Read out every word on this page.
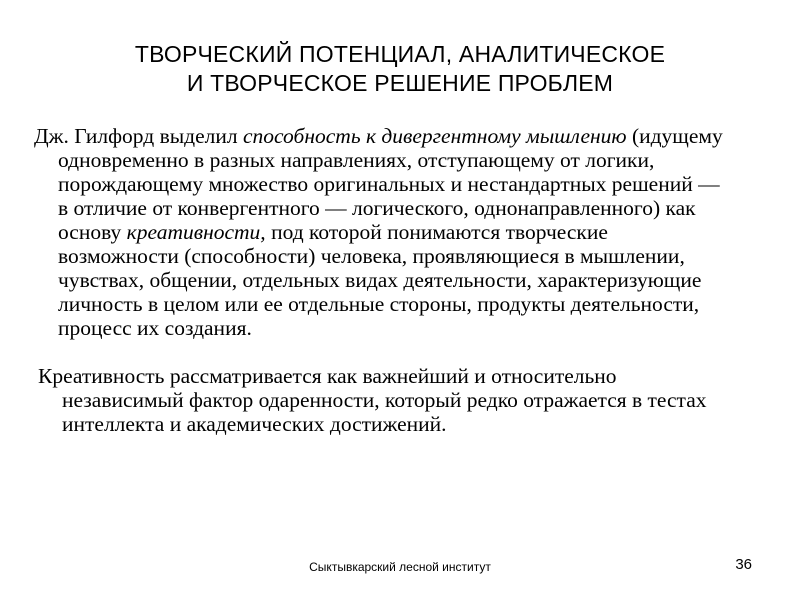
ТВОРЧЕСКИЙ ПОТЕНЦИАЛ, АНАЛИТИЧЕСКОЕ
И ТВОРЧЕСКОЕ РЕШЕНИЕ ПРОБЛЕМ

Дж. Гилфорд выделил способность к дивергентному мышлению (идущему одновременно в разных направлениях, отступающему от логики, порождающему множество оригинальных и нестандартных решений — в отличие от конвергентного — логического, однонаправленного) как основу креативности, под которой понимаются творческие возможности (способности) человека, проявляющиеся в мышлении, чувствах, общении, отдельных видах деятельности, характеризующие личность в целом или ее отдельные стороны, продукты деятельности, процесс их создания.

Креативность рассматривается как важнейший и относительно независимый фактор одаренности, который редко отражается в тестах интеллекта и академических достижений.

Сыктывкарский лесной институт	36
